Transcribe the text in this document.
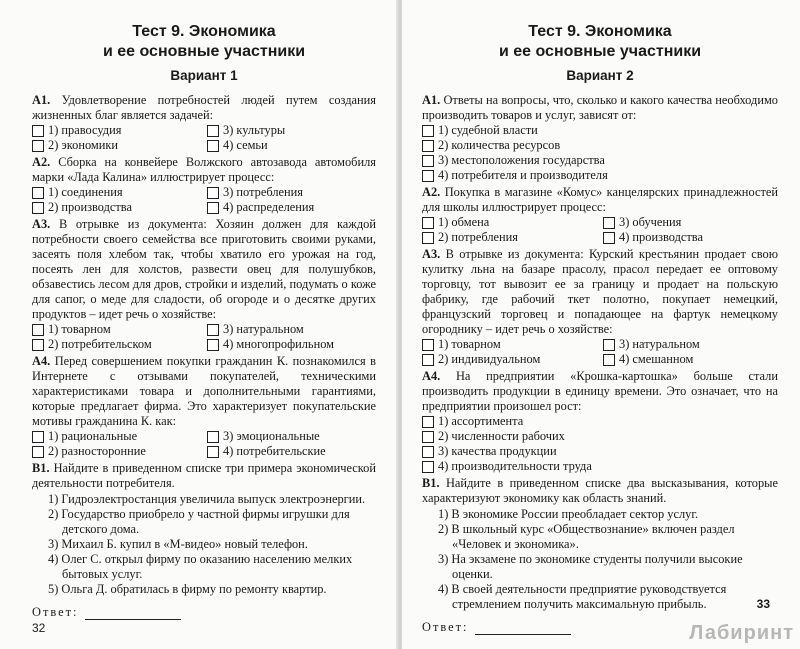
Тест 9. Экономика
и ее основные участники
Вариант 1

А1. Удовлетворение потребностей людей путем создания жизненных благ является задачей:

1) правосудия	3) культуры
2) экономики	4) семьи

А2. Сборка на конвейере Волжского автозавода автомобиля марки «Лада Калина» иллюстрирует процесс:

1) соединения	3) потребления
2) производства	4) распределения

А3. В отрывке из документа: Хозяин должен для каждой потребности своего семейства все приготовить своими руками, засеять поля хлебом так, чтобы хватило его урожая на год, посеять лен для холстов, развести овец для полушубков, обзавестись лесом для дров, стройки и изделий, подумать о коже для сапог, о меде для сладости, об огороде и о десятке других продуктов – идет речь о хозяйстве:

1) товарном	3) натуральном
2) потребительском	4) многопрофильном

А4. Перед совершением покупки гражданин К. познакомился в Интернете с отзывами покупателей, техническими характеристиками товара и дополнительными гарантиями, которые предлагает фирма. Это характеризует покупательские мотивы гражданина К. как:

1) рациональные	3) эмоциональные
2) разносторонние	4) потребительские

В1. Найдите в приведенном списке три примера экономической деятельности потребителя.

1) Гидроэлектростанция увеличила выпуск электроэнергии.
2) Государство приобрело у частной фирмы игрушки для детского дома.
3) Михаил Б. купил в «М-видео» новый телефон.
4) Олег С. открыл фирму по оказанию населению мелких бытовых услуг.
5) Ольга Д. обратилась в фирму по ремонту квартир.
Ответ:
32
Тест 9. Экономика
и ее основные участники
Вариант 2

А1. Ответы на вопросы, что, сколько и какого качества необходимо производить товаров и услуг, зависят от:

1) судебной власти
2) количества ресурсов
3) местоположения государства
4) потребителя и производителя

А2. Покупка в магазине «Комус» канцелярских принадлежностей для школы иллюстрирует процесс:

1) обмена	3) обучения
2) потребления	4) производства

А3. В отрывке из документа: Курский крестьянин продает свою кулитку льна на базаре прасолу, прасол передает ее оптовому торговцу, тот вывозит ее за границу и продает на польскую фабрику, где рабочий ткет полотно, покупает немецкий, французский торговец и попадающее на фартук немецкому огороднику – идет речь о хозяйстве:

1) товарном	3) натуральном
2) индивидуальном	4) смешанном

А4. На предприятии «Крошка-картошка» больше стали производить продукции в единицу времени. Это означает, что на предприятии произошел рост:

1) ассортимента
2) численности рабочих
3) качества продукции
4) производительности труда

В1. Найдите в приведенном списке два высказывания, которые характеризуют экономику как область знаний.

1) В экономике России преобладает сектор услуг.
2) В школьный курс «Обществознание» включен раздел «Человек и экономика».
3) На экзамене по экономике студенты получили высокие оценки.
4) В своей деятельности предприятие руководствуется стремлением получить максимальную прибыль.
Ответ:
33
Лабиринт
